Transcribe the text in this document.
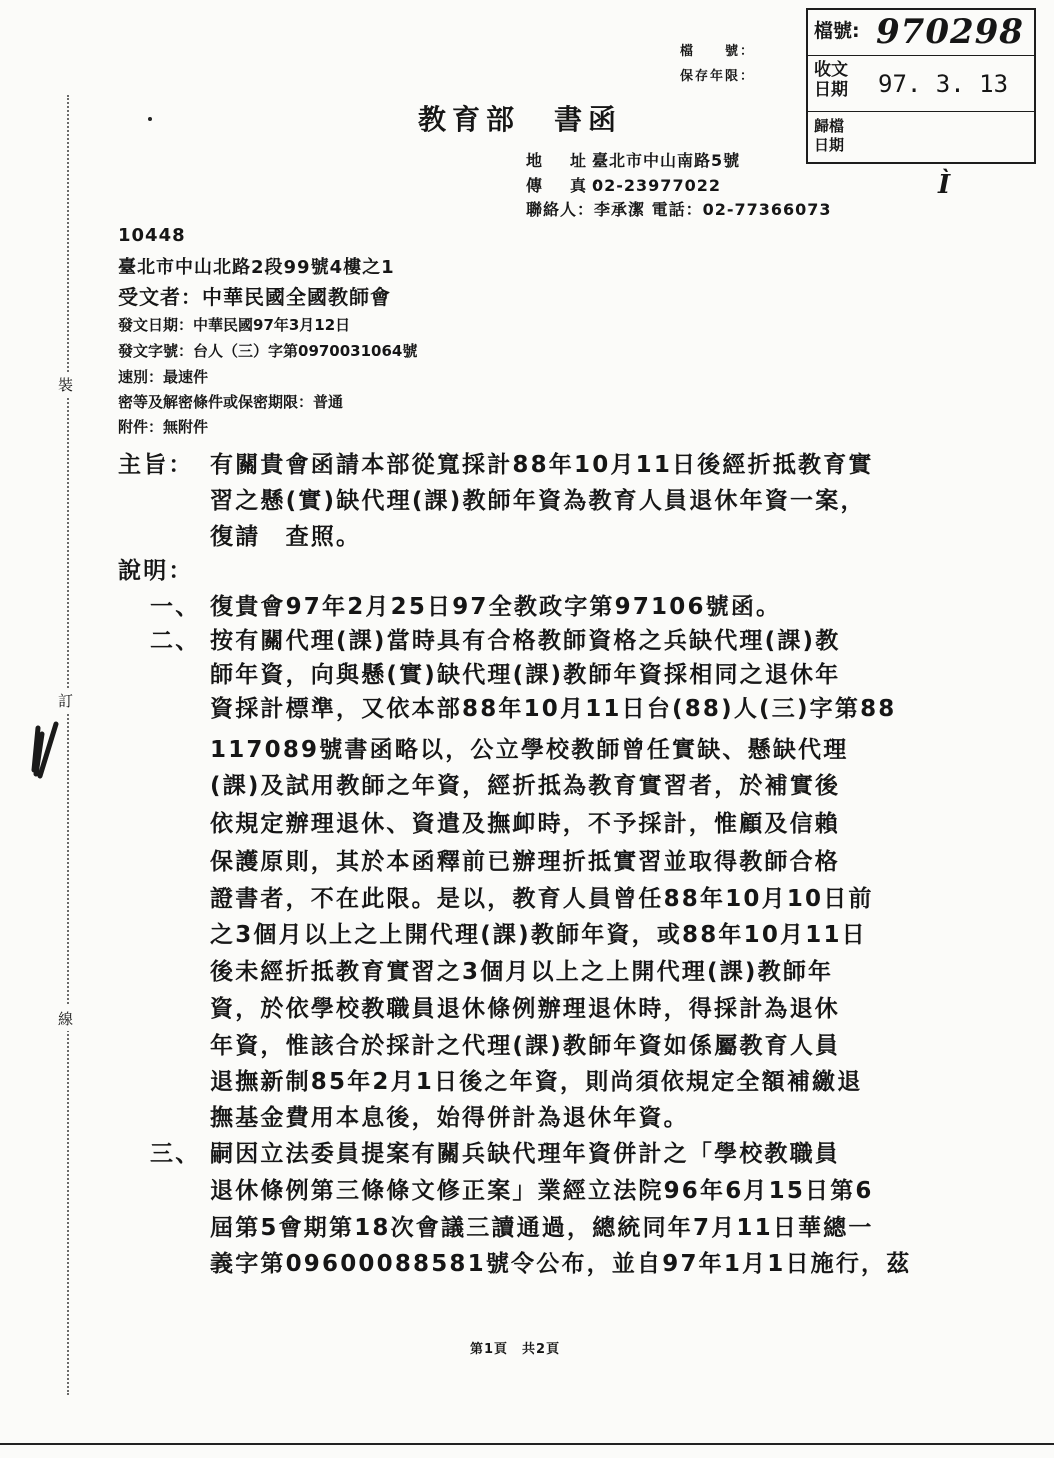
裝
訂
線
檔　　號：
保存年限：
檔號: 970298
收文
日期 97. 3. 13
歸檔
日期
Ì
教育部　書函
地　址：臺北市中山南路5號
傳　真：02-23977022
聯絡人：李承潔 電話：02-77366073
10448
臺北市中山北路2段99號4樓之1
受文者：中華民國全國教師會
發文日期：中華民國97年3月12日
發文字號：台人（三）字第0970031064號
速別：最速件
密等及解密條件或保密期限：普通
附件：無附件
主旨： 有關貴會函請本部從寬採計88年10月11日後經折抵教育實
習之懸(實)缺代理(課)教師年資為教育人員退休年資一案，
復請　查照。
說明：
一、 復貴會97年2月25日97全教政字第97106號函。
二、 按有關代理(課)當時具有合格教師資格之兵缺代理(課)教
師年資，向與懸(實)缺代理(課)教師年資採相同之退休年
資採計標準，又依本部88年10月11日台(88)人(三)字第88
117089號書函略以，公立學校教師曾任實缺、懸缺代理
(課)及試用教師之年資，經折抵為教育實習者，於補實後
依規定辦理退休、資遣及撫卹時，不予採計，惟顧及信賴
保護原則，其於本函釋前已辦理折抵實習並取得教師合格
證書者，不在此限。是以，教育人員曾任88年10月10日前
之3個月以上之上開代理(課)教師年資，或88年10月11日
後未經折抵教育實習之3個月以上之上開代理(課)教師年
資，於依學校教職員退休條例辦理退休時，得採計為退休
年資，惟該合於採計之代理(課)教師年資如係屬教育人員
退撫新制85年2月1日後之年資，則尚須依規定全額補繳退
撫基金費用本息後，始得併計為退休年資。
三、 嗣因立法委員提案有關兵缺代理年資併計之「學校教職員
退休條例第三條條文修正案」業經立法院96年6月15日第6
屆第5會期第18次會議三讀通過，總統同年7月11日華總一
義字第09600088581號令公布，並自97年1月1日施行，茲
第1頁　共2頁
